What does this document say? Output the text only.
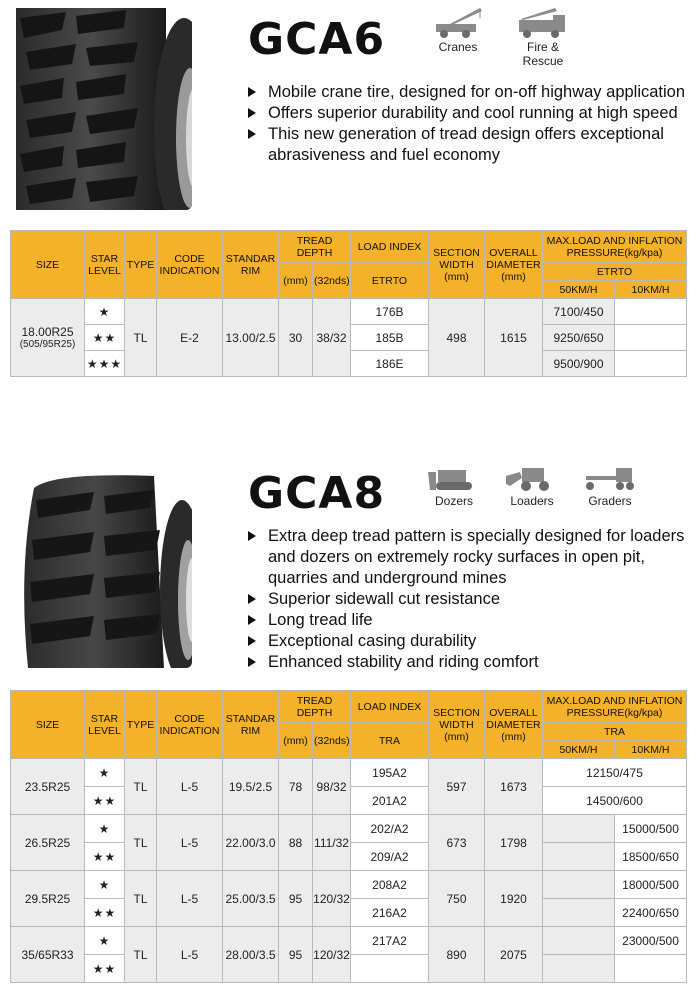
GCA6	Cranes	Fire & Rescue
Mobile crane tire, designed for on-off highway application
Offers superior durability and cool running at high speed
This new generation of tread design offers exceptional abrasiveness and fuel economy
SIZE	STAR LEVEL	TYPE	CODE INDICATION	STANDAR RIM	TREAD DEPTH		LOAD INDEX	SECTION WIDTH (mm)	OVERALL DIAMETER (mm)	MAX.LOAD AND INFLATION PRESSURE(kg/kpa)	
					(mm)	(32nds)	ETRTO			ETRTO	
										50KM/H	10KM/H

18.00R25
(505/95R25)	★	TL	E-2	13.00/2.5	30	38/32	176B	498	1615	7100/450	
	★★						185B			9250/650	
	★★★						186E			9500/900	
GCA8	Dozers	Loaders	Graders
Extra deep tread pattern is specially designed for loaders and dozers on extremely rocky surfaces in open pit, quarries and underground mines
Superior sidewall cut resistance
Long tread life
Exceptional casing durability
Enhanced stability and riding comfort
SIZE	STAR LEVEL	TYPE	CODE INDICATION	STANDAR RIM	TREAD DEPTH		LOAD INDEX	SECTION WIDTH (mm)	OVERALL DIAMETER (mm)	MAX.LOAD AND INFLATION PRESSURE(kg/kpa)	
					(mm)	(32nds)	TRA			TRA	
										50KM/H	10KM/H
23.5R25	★	TL	L-5	19.5/2.5	78	98/32	195A2	597	1673	12150/475	
	★★						201A2			14500/600	
26.5R25	★	TL	L-5	22.00/3.0	88	111/32	202/A2	673	1798		15000/500
	★★						209/A2				18500/650
29.5R25	★	TL	L-5	25.00/3.5	95	120/32	208A2	750	1920		18000/500
	★★						216A2				22400/650
35/65R33	★	TL	L-5	28.00/3.5	95	120/32	217A2	890	2075		23000/500
	★★										
